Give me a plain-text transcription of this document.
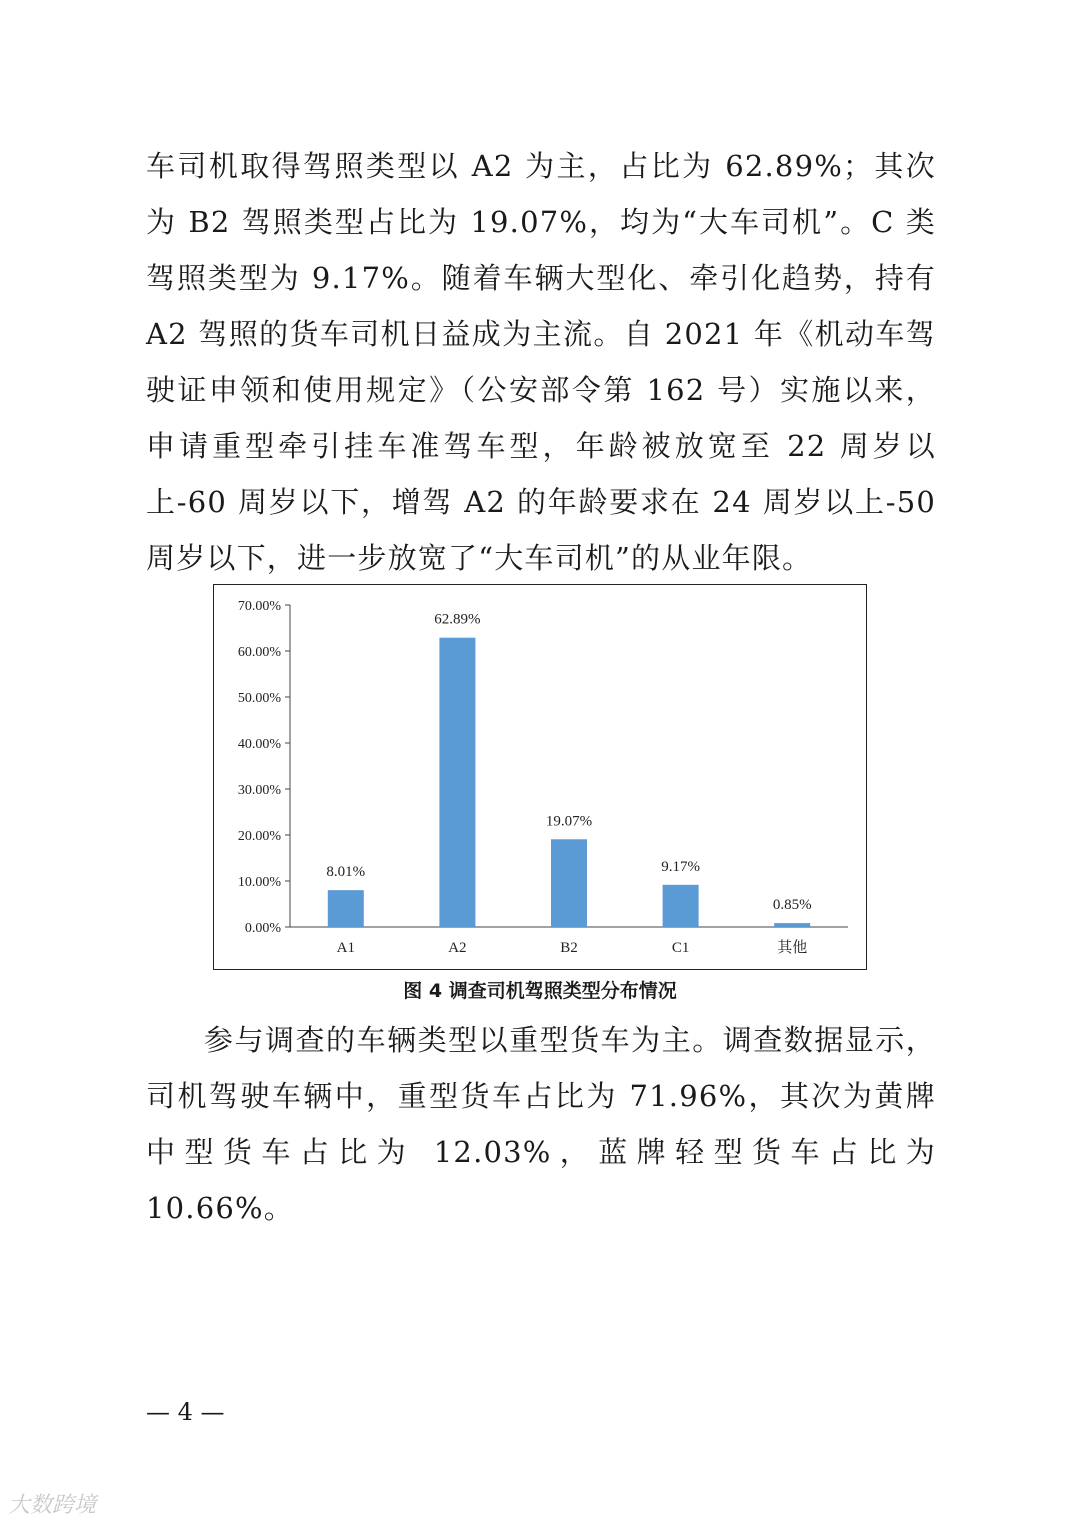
车司机取得驾照类型以 A2 为主，占比为 62.89%；其次为 B2 驾照类型占比为 19.07%，均为“大车司机”。C 类驾照类型为 9.17%。随着车辆大型化、牵引化趋势，持有 A2 驾照的货车司机日益成为主流。自 2021 年《机动车驾驶证申领和使用规定》（公安部令第 162 号）实施以来，申请重型牵引挂车准驾车型，年龄被放宽至 22 周岁以上-60 周岁以下，增驾 A2 的年龄要求在 24 周岁以上-50 周岁以下，进一步放宽了“大车司机”的从业年限。

0.00%
10.00%
20.00%
30.00%
40.00%
50.00%
60.00%
70.00%
8.01%
A1
62.89%
A2
19.07%
B2
9.17%
C1
0.85%
其他
图 4 调查司机驾照类型分布情况

参与调查的车辆类型以重型货车为主。调查数据显示，司机驾驶车辆中，重型货车占比为 71.96%，其次为黄牌中型货车占比为 12.03%，蓝牌轻型货车占比为 10.66%。

— 4 —
大数跨境
